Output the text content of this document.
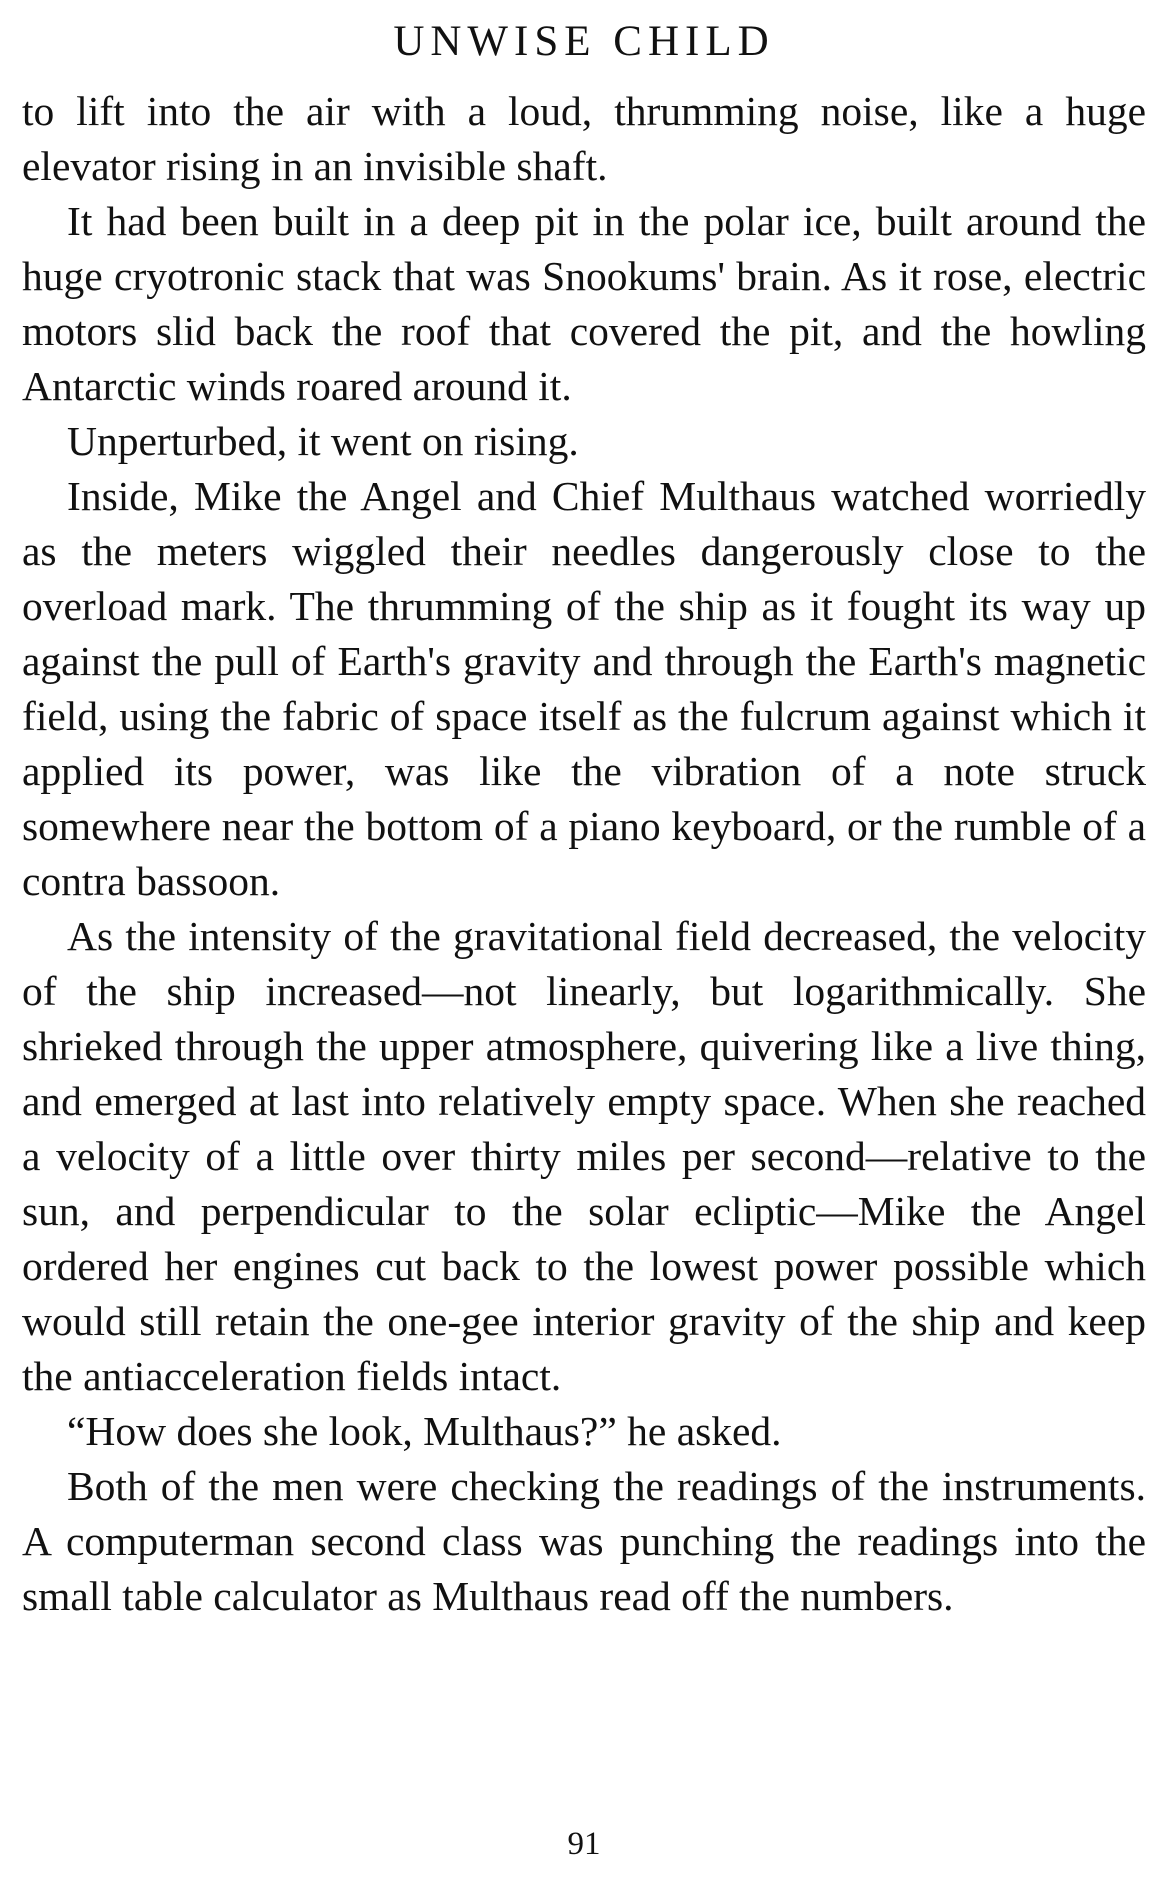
UNWISE CHILD

to lift into the air with a loud, thrumming noise, like a huge elevator rising in an invisible shaft.

It had been built in a deep pit in the polar ice, built around the huge cryotronic stack that was Snookums' brain. As it rose, electric motors slid back the roof that covered the pit, and the howling Antarctic winds roared around it.

Unperturbed, it went on rising.

Inside, Mike the Angel and Chief Multhaus watched worriedly as the meters wiggled their needles dangerously close to the overload mark. The thrumming of the ship as it fought its way up against the pull of Earth's gravity and through the Earth's magnetic field, using the fabric of space itself as the fulcrum against which it applied its power, was like the vibration of a note struck somewhere near the bottom of a piano keyboard, or the rumble of a contra bassoon.

As the intensity of the gravitational field decreased, the velocity of the ship increased—not linearly, but logarithmically. She shrieked through the upper atmosphere, quivering like a live thing, and emerged at last into relatively empty space. When she reached a velocity of a little over thirty miles per second—relative to the sun, and perpendicular to the solar ecliptic—Mike the Angel ordered her engines cut back to the lowest power possible which would still retain the one-gee interior gravity of the ship and keep the antiacceleration fields intact.

“How does she look, Multhaus?” he asked.

Both of the men were checking the readings of the instruments. A computerman second class was punching the readings into the small table calculator as Multhaus read off the numbers.

91
